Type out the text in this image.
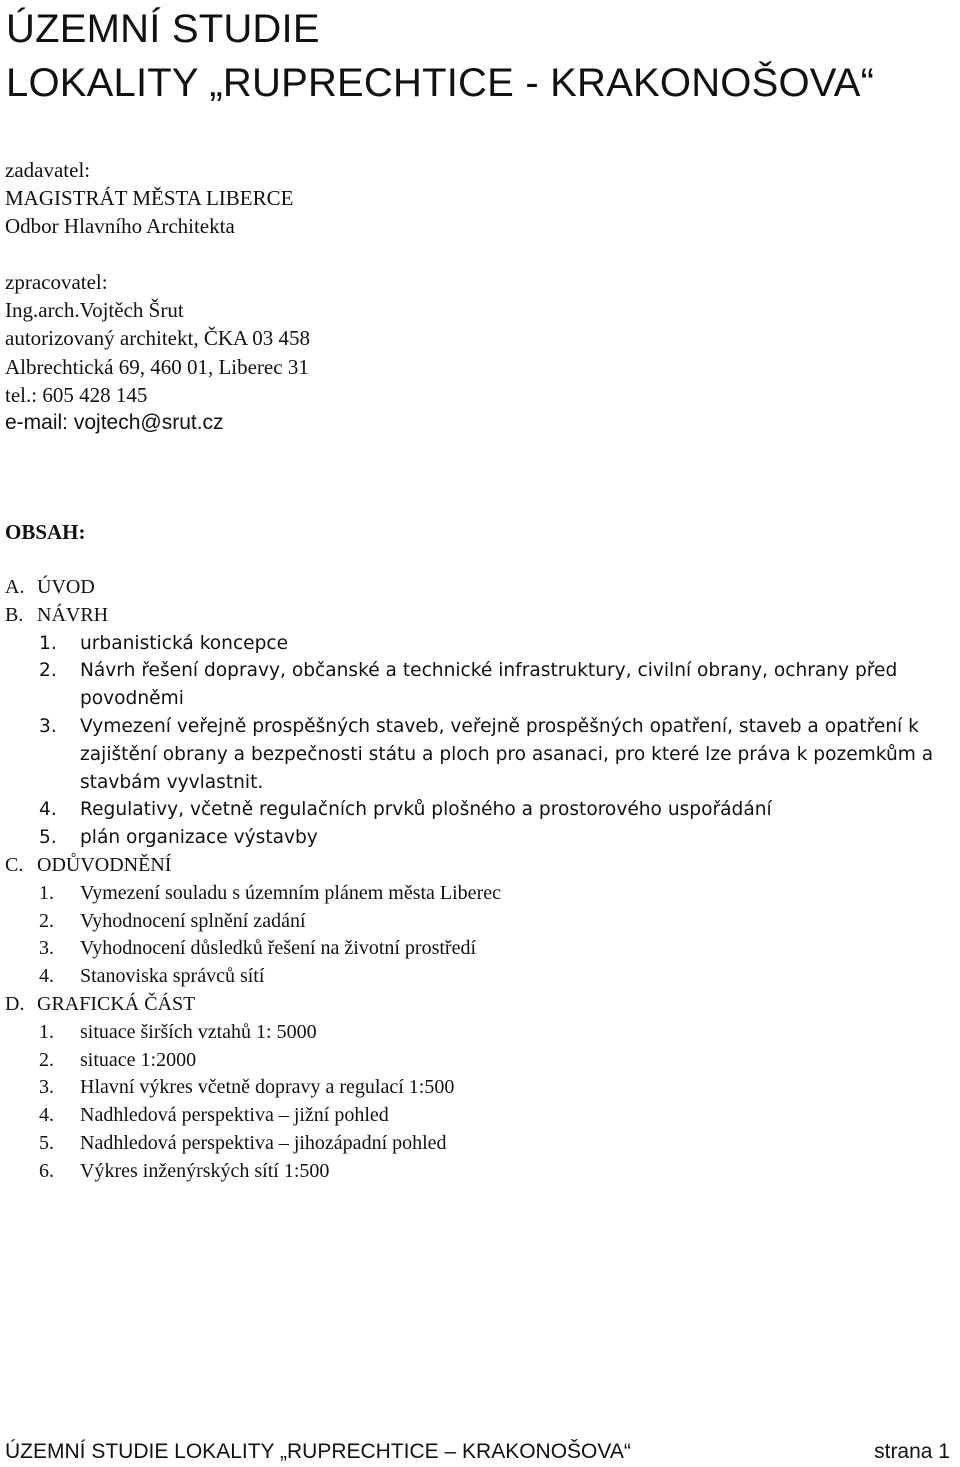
ÚZEMNÍ STUDIE
LOKALITY „RUPRECHTICE - KRAKONOŠOVA“
zadavatel:
MAGISTRÁT MĚSTA LIBERCE
Odbor Hlavního Architekta
zpracovatel:
Ing.arch.Vojtěch Šrut
autorizovaný architekt, ČKA 03 458
Albrechtická 69, 460 01, Liberec 31
tel.: 605 428 145
e-mail: vojtech@srut.cz
OBSAH:
A. ÚVOD
B. NÁVRH
1.	urbanistická koncepce
2.	Návrh řešení dopravy, občanské a technické infrastruktury, civilní obrany, ochrany před povodněmi
3.	Vymezení veřejně prospěšných staveb, veřejně prospěšných opatření, staveb a opatření k zajištění obrany a bezpečnosti státu a ploch pro asanaci, pro které lze práva k pozemkům a stavbám vyvlastnit.
4.	Regulativy, včetně regulačních prvků plošného a prostorového uspořádání
5.	plán organizace výstavby
C. ODŮVODNĚNÍ
1.	Vymezení souladu s územním plánem města Liberec
2.	Vyhodnocení splnění zadání
3.	Vyhodnocení důsledků řešení na životní prostředí
4.	Stanoviska správců sítí
D. GRAFICKÁ ČÁST
1.	situace širších vztahů 1: 5000
2.	situace 1:2000
3.	Hlavní výkres včetně dopravy a regulací 1:500
4.	Nadhledová perspektiva – jižní pohled
5.	Nadhledová perspektiva – jihozápadní pohled
6.	Výkres inženýrských sítí 1:500
ÚZEMNÍ STUDIE LOKALITY „RUPRECHTICE – KRAKONOŠOVA“	strana 1
